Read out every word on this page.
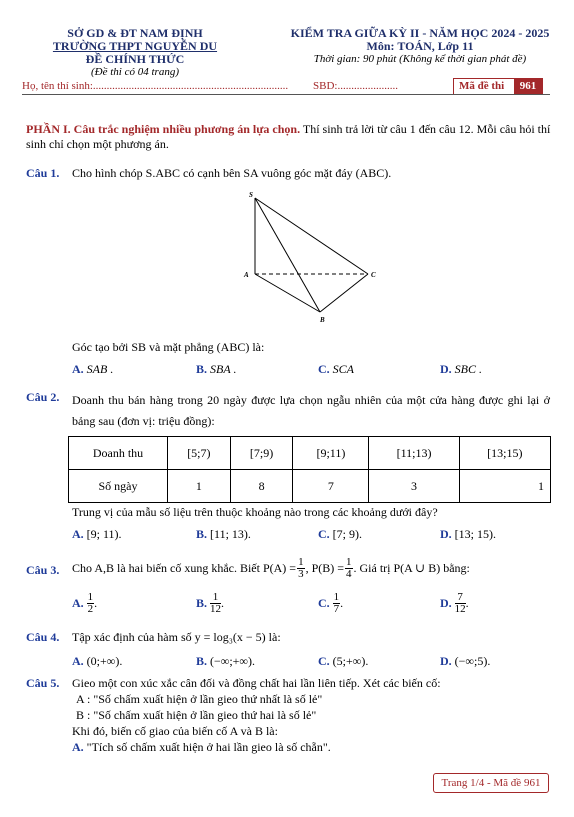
SỞ GD & ĐT NAM ĐỊNH
TRƯỜNG THPT NGUYỄN DU
ĐỀ CHÍNH THỨC
(Đề thi có 04 trang)
KIỂM TRA GIỮA KỲ II - NĂM HỌC 2024 - 2025
Môn: TOÁN, Lớp 11
Thời gian: 90 phút (Không kể thời gian phát đề)
Họ, tên thí sinh:....................................................................... SBD:......................	Mã đề thi	961
PHẦN I. Câu trắc nghiệm nhiều phương án lựa chọn. Thí sinh trả lời từ câu 1 đến câu 12. Mỗi câu hỏi thí sinh chỉ chọn một phương án.
Câu 1. Cho hình chóp S.ABC có cạnh bên SA vuông góc mặt đáy (ABC).
S
A
B
C
Góc tạo bởi SB và mặt phẳng (ABC) là:
A. SAB .	B. SBA .	C. SCA	D. SBC .
Câu 2. Doanh thu bán hàng trong 20 ngày được lựa chọn ngẫu nhiên của một cửa hàng được ghi lại ở bảng sau (đơn vị: triệu đồng):
Doanh thu	[5;7)	[7;9)	[9;11)	[11;13)	[13;15)
Số ngày	1	8	7	3	1
Trung vị của mẫu số liệu trên thuộc khoảng nào trong các khoảng dưới đây?
A. [9; 11).	B. [11; 13).	C. [7; 9).	D. [13; 15).
Câu 3. Cho A,B là hai biến cố xung khắc. Biết $P(A) = \frac{1}{3}$ , $P(B) = \frac{1}{4}$ . Giá trị P(A ∪ B) bằng:
A.
$\frac{1}{2}$ .	B.
$\frac{1}{12}$ .	C.
$\frac{1}{7}$ .	D.
$\frac{7}{12}$ .
Câu 4. Tập xác định của hàm số y = log₃(x − 5) là:
A. (0;+∞).	B. (−∞;+∞).	C. (5;+∞).	D. (−∞;5).
Câu 5. Gieo một con xúc xắc cân đối và đồng chất hai lần liên tiếp. Xét các biến cố:
A : "Số chấm xuất hiện ở lần gieo thứ nhất là số lẻ"
B : "Số chấm xuất hiện ở lần gieo thứ hai là số lẻ"
Khi đó, biến cố giao của biến cố A và B là:
A. "Tích số chấm xuất hiện ở hai lần gieo là số chẵn".
Trang 1/4 - Mã đề 961
